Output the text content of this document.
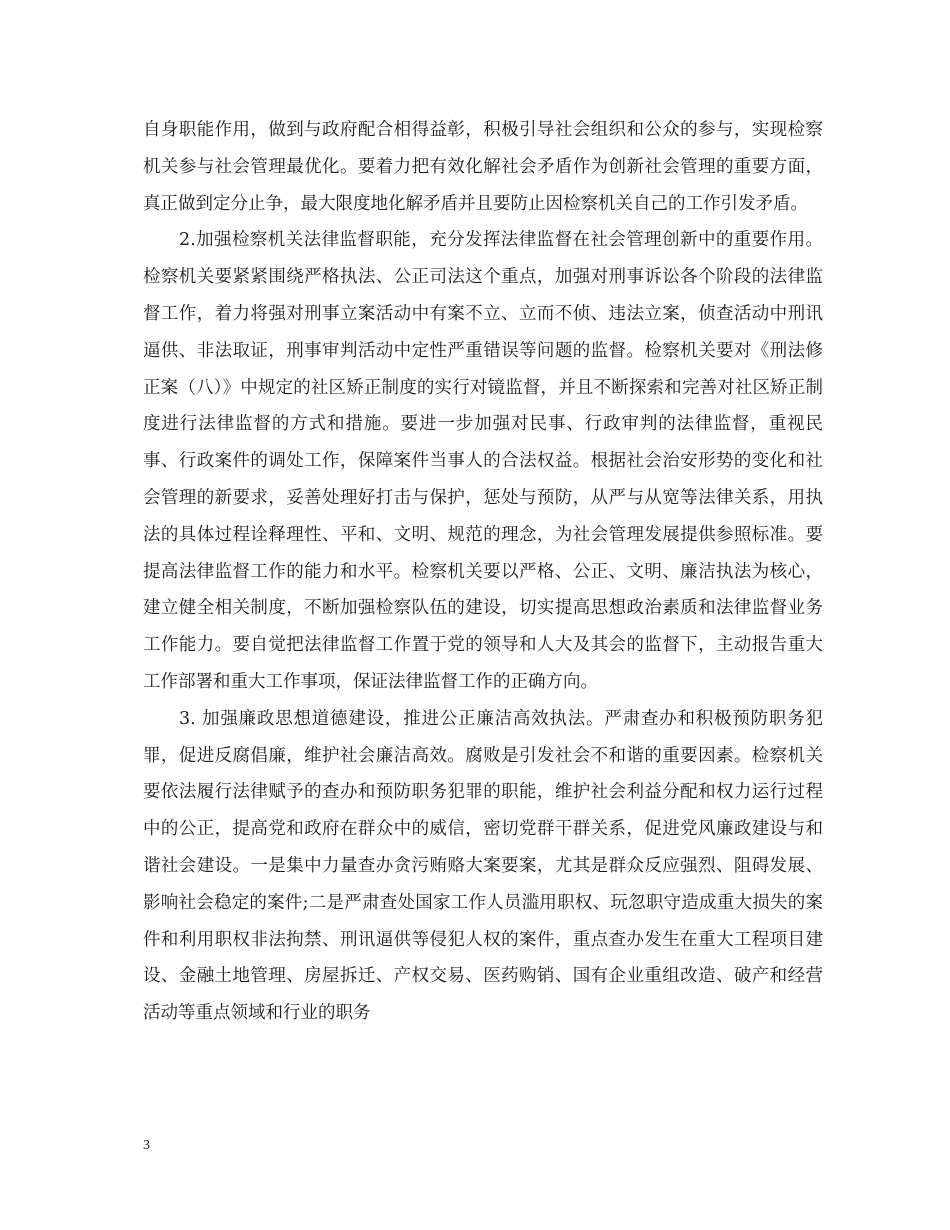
自身职能作用，做到与政府配合相得益彰，积极引导社会组织和公众的参与，实现检察机关参与社会管理最优化。要着力把有效化解社会矛盾作为创新社会管理的重要方面，真正做到定分止争，最大限度地化解矛盾并且要防止因检察机关自己的工作引发矛盾。

2.加强检察机关法律监督职能，充分发挥法律监督在社会管理创新中的重要作用。检察机关要紧紧围绕严格执法、公正司法这个重点，加强对刑事诉讼各个阶段的法律监督工作，着力将强对刑事立案活动中有案不立、立而不侦、违法立案，侦查活动中刑讯逼供、非法取证，刑事审判活动中定性严重错误等问题的监督。检察机关要对《刑法修正案（八）》中规定的社区矫正制度的实行对镜监督，并且不断探索和完善对社区矫正制度进行法律监督的方式和措施。要进一步加强对民事、行政审判的法律监督，重视民事、行政案件的调处工作，保障案件当事人的合法权益。根据社会治安形势的变化和社会管理的新要求，妥善处理好打击与保护，惩处与预防，从严与从宽等法律关系，用执法的具体过程诠释理性、平和、文明、规范的理念，为社会管理发展提供参照标准。要提高法律监督工作的能力和水平。检察机关要以严格、公正、文明、廉洁执法为核心，建立健全相关制度，不断加强检察队伍的建设，切实提高思想政治素质和法律监督业务工作能力。要自觉把法律监督工作置于党的领导和人大及其会的监督下，主动报告重大工作部署和重大工作事项，保证法律监督工作的正确方向。

3. 加强廉政思想道德建设，推进公正廉洁高效执法。严肃查办和积极预防职务犯罪，促进反腐倡廉，维护社会廉洁高效。腐败是引发社会不和谐的重要因素。检察机关要依法履行法律赋予的查办和预防职务犯罪的职能，维护社会利益分配和权力运行过程中的公正，提高党和政府在群众中的威信，密切党群干群关系，促进党风廉政建设与和谐社会建设。一是集中力量查办贪污贿赂大案要案，尤其是群众反应强烈、阻碍发展、影响社会稳定的案件;二是严肃查处国家工作人员滥用职权、玩忽职守造成重大损失的案件和利用职权非法拘禁、刑讯逼供等侵犯人权的案件，重点查办发生在重大工程项目建设、金融土地管理、房屋拆迁、产权交易、医药购销、国有企业重组改造、破产和经营活动等重点领域和行业的职务

3
